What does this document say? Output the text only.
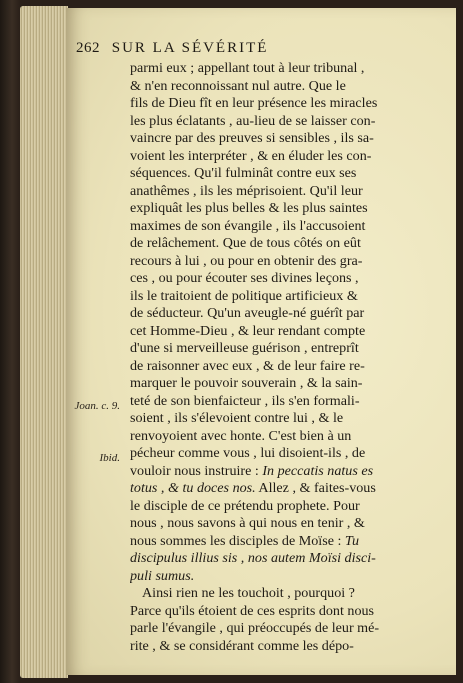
262 SUR LA SÉVÉRITÉ
parmi eux ; appellant tout à leur tribunal ,
& n'en reconnoissant nul autre. Que le
fils de Dieu fît en leur présence les miracles
les plus éclatants , au-lieu de se laisser con-
vaincre par des preuves si sensibles , ils sa-
voient les interpréter , & en éluder les con-
séquences. Qu'il fulminât contre eux ses
anathêmes , ils les méprisoient. Qu'il leur
expliquât les plus belles & les plus saintes
maximes de son évangile , ils l'accusoient
de relâchement. Que de tous côtés on eût
recours à lui , ou pour en obtenir des gra-
ces , ou pour écouter ses divines leçons ,
ils le traitoient de politique artificieux &
de séducteur. Qu'un aveugle-né guérît par
cet Homme-Dieu , & leur rendant compte
d'une si merveilleuse guérison , entreprît
de raisonner avec eux , & de leur faire re-
marquer le pouvoir souverain , & la sain-
teté de son bienfaicteur , ils s'en formali-
soient , ils s'élevoient contre lui , & le
renvoyoient avec honte. C'est bien à un
pécheur comme vous , lui disoient-ils , de
vouloir nous instruire : In peccatis natus es
totus , & tu doces nos. Allez , & faites-vous
le disciple de ce prétendu prophete. Pour
nous , nous savons à qui nous en tenir , &
nous sommes les disciples de Moïse : Tu
discipulus illius sis , nos autem Moïsi disci-
puli sumus.
Ainsi rien ne les touchoit , pourquoi ?
Parce qu'ils étoient de ces esprits dont nous
parle l'évangile , qui préoccupés de leur mé-
rite , & se considérant comme les dépo-
Joan. c. 9.
Ibid.
